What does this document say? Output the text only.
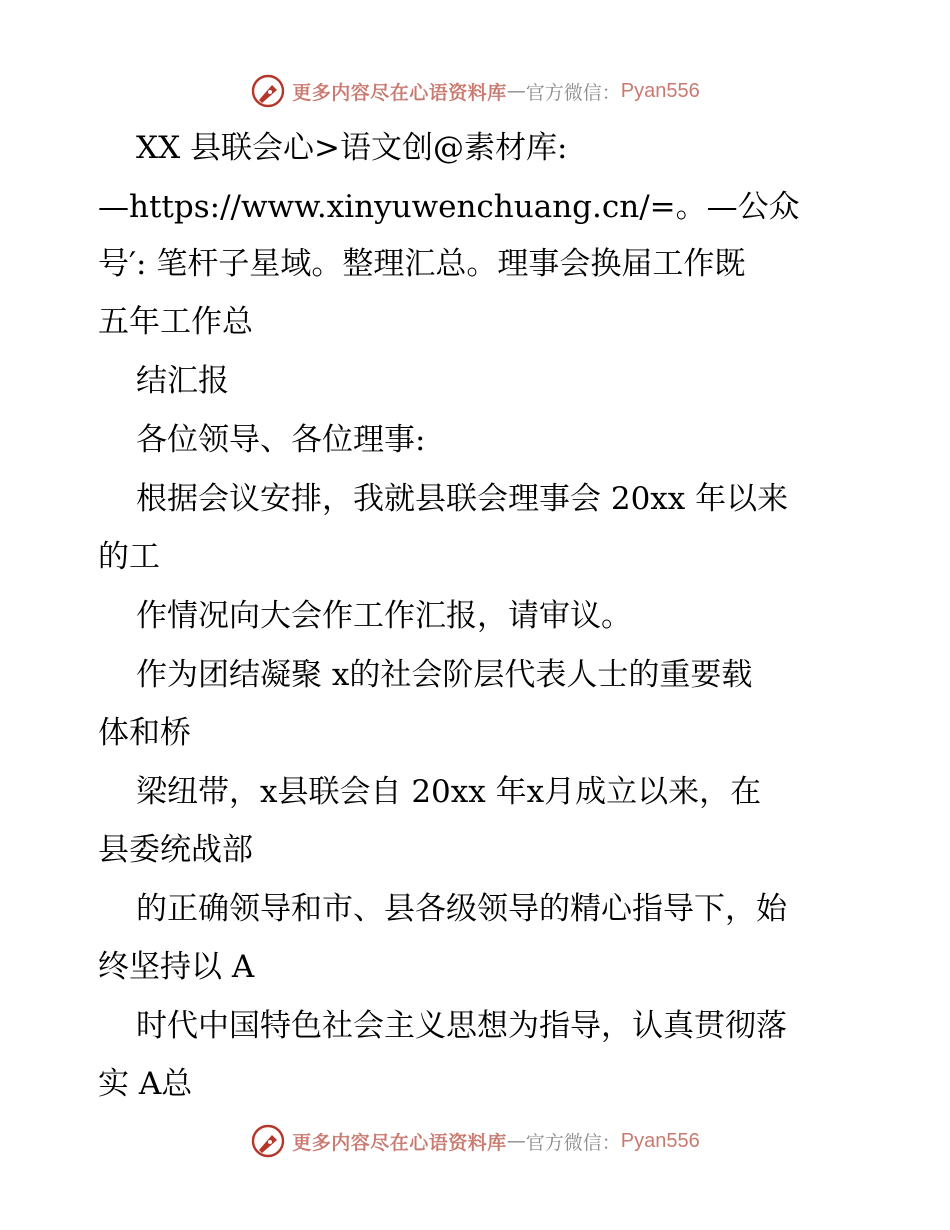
更多内容尽在心语资料库 — 官方微信： Pyan556
XX 县联会心>语文创@素材库:
—https://www.xinyuwenchuang.cn/=。—公众
号′: 笔杆子星域。整理汇总。理事会换届工作既
五年工作总
结汇报
各位领导、各位理事:
根据会议安排，我就县联会理事会 20xx 年以来
的工
作情况向大会作工作汇报，请审议。
作为团结凝聚 x的社会阶层代表人士的重要载
体和桥
梁纽带，x县联会自 20xx 年x月成立以来，在
县委统战部
的正确领导和市、县各级领导的精心指导下，始
终坚持以 A
时代中国特色社会主义思想为指导，认真贯彻落
实 A总
更多内容尽在心语资料库 — 官方微信： Pyan556
